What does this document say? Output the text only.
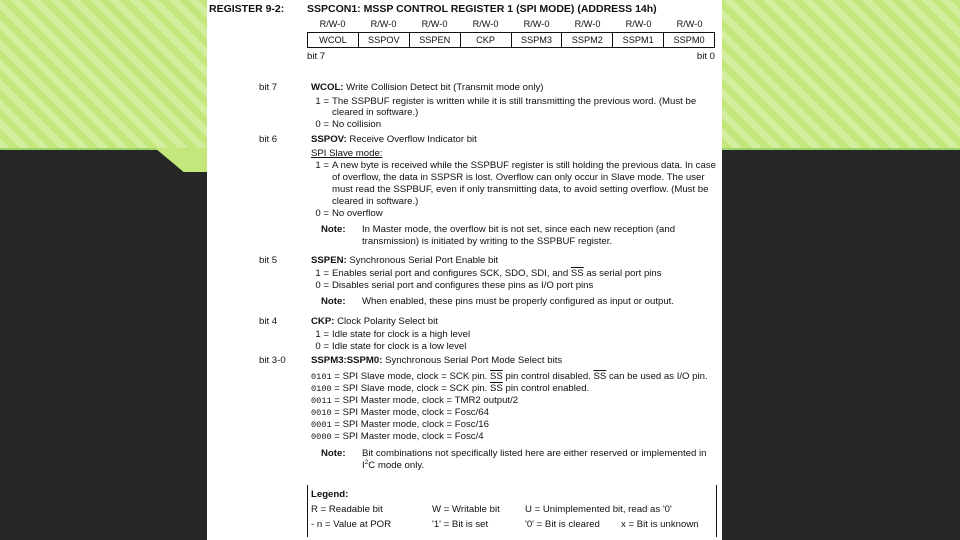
REGISTER 9-2: SSPCON1: MSSP CONTROL REGISTER 1 (SPI MODE) (ADDRESS 14h)
R/W-0	R/W-0	R/W-0	R/W-0	R/W-0	R/W-0	R/W-0	R/W-0
WCOL	SSPOV	SSPEN	CKP	SSPM3	SSPM2	SSPM1	SSPM0
bit 7	bit 0
bit 7	WCOL: Write Collision Detect bit (Transmit mode only)
1 = The SSPBUF register is written while it is still transmitting the previous word. (Must be
cleared in software.)
0 = No collision
bit 6	SSPOV: Receive Overflow Indicator bit
SPI Slave mode:
1 = A new byte is received while the SSPBUF register is still holding the previous data. In case
of overflow, the data in SSPSR is lost. Overflow can only occur in Slave mode. The user
must read the SSPBUF, even if only transmitting data, to avoid setting overflow. (Must be
cleared in software.)
0 = No overflow
Note: In Master mode, the overflow bit is not set, since each new reception (and
transmission) is initiated by writing to the SSPBUF register.
bit 5	SSPEN: Synchronous Serial Port Enable bit
1 = Enables serial port and configures SCK, SDO, SDI, and $\overline{SS}$ as serial port pins
0 = Disables serial port and configures these pins as I/O port pins
Note: When enabled, these pins must be properly configured as input or output.
bit 4	CKP: Clock Polarity Select bit
1 = Idle state for clock is a high level
0 = Idle state for clock is a low level
bit 3-0	SSPM3:SSPM0: Synchronous Serial Port Mode Select bits
0101 = SPI Slave mode, clock = SCK pin. $\overline{SS}$ pin control disabled. $\overline{SS}$ can be used as I/O pin.
0100 = SPI Slave mode, clock = SCK pin. $\overline{SS}$ pin control enabled.
0011 = SPI Master mode, clock = TMR2 output/2
0010 = SPI Master mode, clock = Fosc/64
0001 = SPI Master mode, clock = Fosc/16
0000 = SPI Master mode, clock = Fosc/4
Note: Bit combinations not specifically listed here are either reserved or implemented in
$I^2C$ mode only.
Legend:
R = Readable bit	W = Writable bit	U = Unimplemented bit, read as '0'
- n = Value at POR	'1' = Bit is set	'0' = Bit is cleared x = Bit is unknown
